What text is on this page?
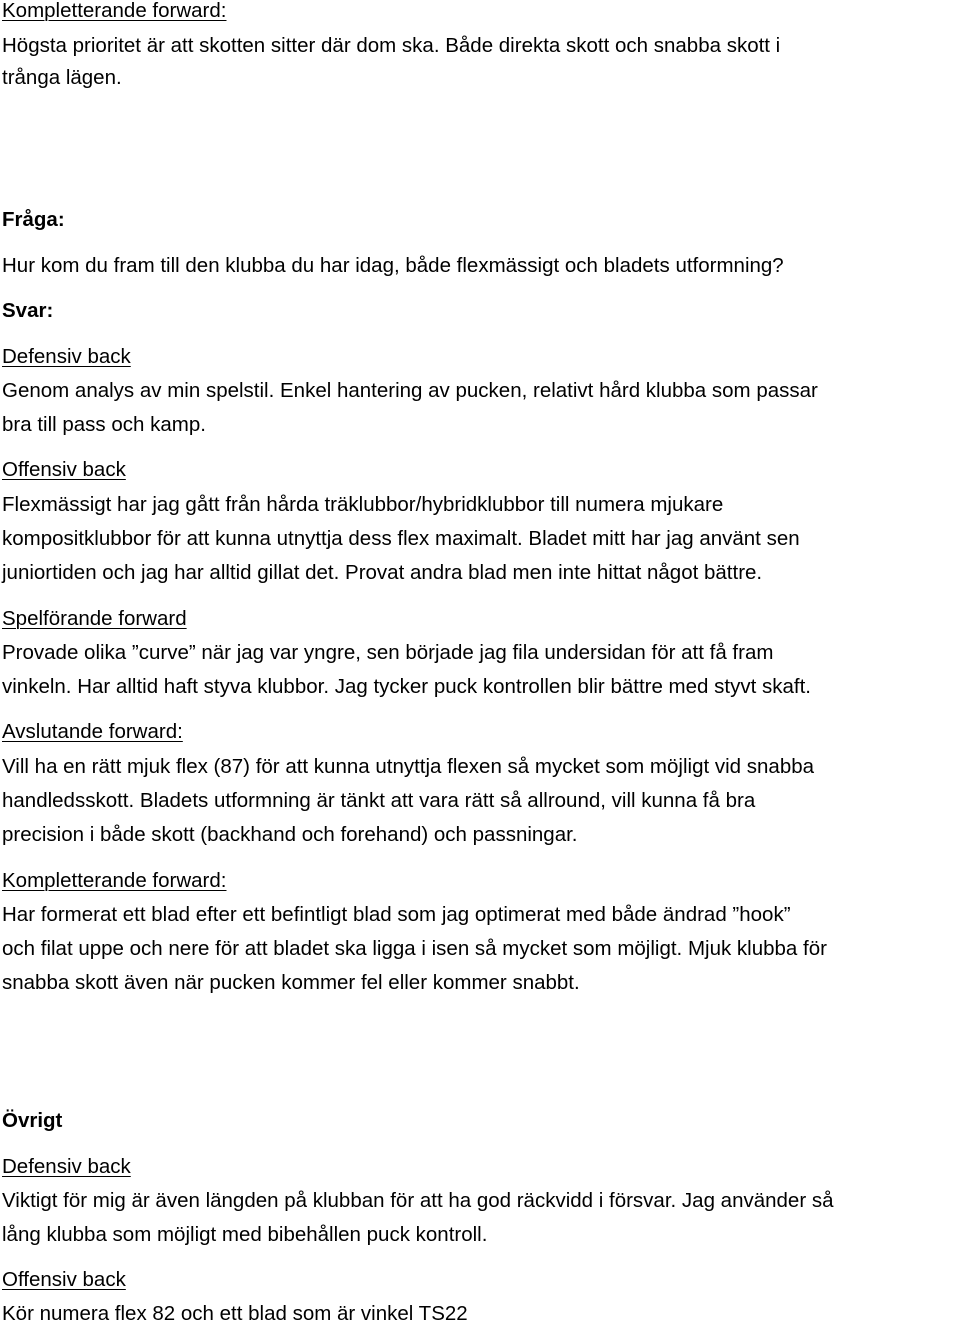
Kompletterande forward:
Högsta prioritet är att skotten sitter där dom ska. Både direkta skott och snabba skott i
trånga lägen.
Fråga:
Hur kom du fram till den klubba du har idag, både flexmässigt och bladets utformning?
Svar:
Defensiv back
Genom analys av min spelstil. Enkel hantering av pucken, relativt hård klubba som passar
bra till pass och kamp.
Offensiv back
Flexmässigt har jag gått från hårda träklubbor/hybridklubbor till numera mjukare
kompositklubbor för att kunna utnyttja dess flex maximalt. Bladet mitt har jag använt sen
juniortiden och jag har alltid gillat det. Provat andra blad men inte hittat något bättre.
Spelförande forward
Provade olika ”curve” när jag var yngre, sen började jag fila undersidan för att få fram
vinkeln. Har alltid haft styva klubbor. Jag tycker puck kontrollen blir bättre med styvt skaft.
Avslutande forward:
Vill ha en rätt mjuk flex (87) för att kunna utnyttja flexen så mycket som möjligt vid snabba
handledsskott. Bladets utformning är tänkt att vara rätt så allround, vill kunna få bra
precision i både skott (backhand och forehand) och passningar.
Kompletterande forward:
Har formerat ett blad efter ett befintligt blad som jag optimerat med både ändrad ”hook”
och filat uppe och nere för att bladet ska ligga i isen så mycket som möjligt. Mjuk klubba för
snabba skott även när pucken kommer fel eller kommer snabbt.
Övrigt
Defensiv back
Viktigt för mig är även längden på klubban för att ha god räckvidd i försvar. Jag använder så
lång klubba som möjligt med bibehållen puck kontroll.
Offensiv back
Kör numera flex 82 och ett blad som är vinkel TS22
